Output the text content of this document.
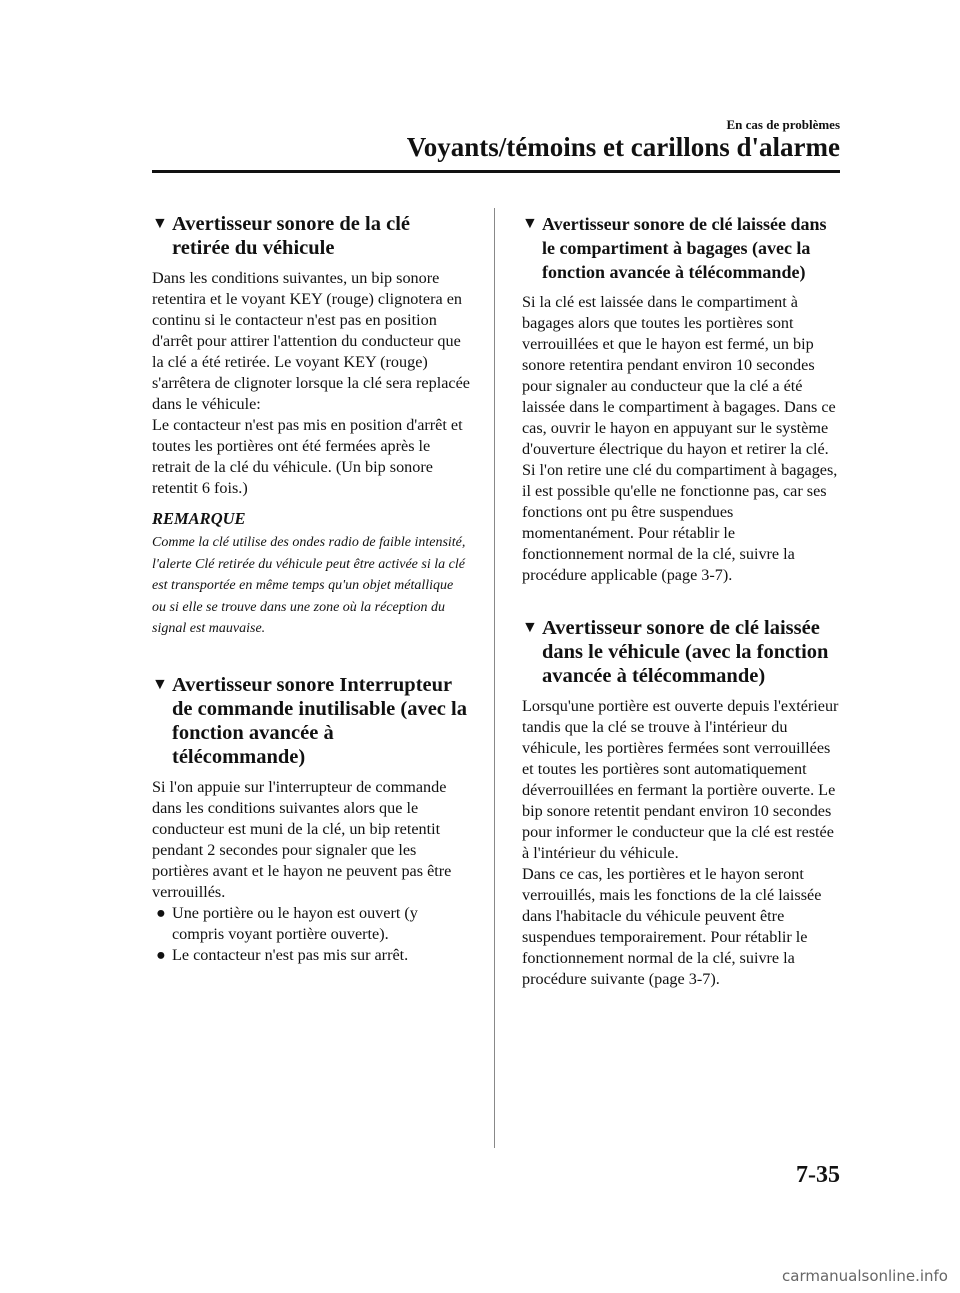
En cas de problèmes

Voyants/témoins et carillons d'alarme
▼ Avertisseur sonore de la clé retirée du véhicule

Dans les conditions suivantes, un bip sonore retentira et le voyant KEY (rouge) clignotera en continu si le contacteur n'est pas en position d'arrêt pour attirer l'attention du conducteur que la clé a été retirée. Le voyant KEY (rouge) s'arrêtera de clignoter lorsque la clé sera replacée dans le véhicule:

Le contacteur n'est pas mis en position d'arrêt et toutes les portières ont été fermées après le retrait de la clé du véhicule. (Un bip sonore retentit 6 fois.)

REMARQUE

Comme la clé utilise des ondes radio de faible intensité, l'alerte Clé retirée du véhicule peut être activée si la clé est transportée en même temps qu'un objet métallique ou si elle se trouve dans une zone où la réception du signal est mauvaise.

▼ Avertisseur sonore Interrupteur de commande inutilisable (avec la fonction avancée à télécommande)

Si l'on appuie sur l'interrupteur de commande dans les conditions suivantes alors que le conducteur est muni de la clé, un bip retentit pendant 2 secondes pour signaler que les portières avant et le hayon ne peuvent pas être verrouillés.

● Une portière ou le hayon est ouvert (y compris voyant portière ouverte).
● Le contacteur n'est pas mis sur arrêt.
▼ Avertisseur sonore de clé laissée dans le compartiment à bagages (avec la fonction avancée à télécommande)

Si la clé est laissée dans le compartiment à bagages alors que toutes les portières sont verrouillées et que le hayon est fermé, un bip sonore retentira pendant environ 10 secondes pour signaler au conducteur que la clé a été laissée dans le compartiment à bagages. Dans ce cas, ouvrir le hayon en appuyant sur le système d'ouverture électrique du hayon et retirer la clé. Si l'on retire une clé du compartiment à bagages, il est possible qu'elle ne fonctionne pas, car ses fonctions ont pu être suspendues momentanément. Pour rétablir le fonctionnement normal de la clé, suivre la procédure applicable (page 3-7).

▼ Avertisseur sonore de clé laissée dans le véhicule (avec la fonction avancée à télécommande)

Lorsqu'une portière est ouverte depuis l'extérieur tandis que la clé se trouve à l'intérieur du véhicule, les portières fermées sont verrouillées et toutes les portières sont automatiquement déverrouillées en fermant la portière ouverte. Le bip sonore retentit pendant environ 10 secondes pour informer le conducteur que la clé est restée à l'intérieur du véhicule.

Dans ce cas, les portières et le hayon seront verrouillés, mais les fonctions de la clé laissée dans l'habitacle du véhicule peuvent être suspendues temporairement. Pour rétablir le fonctionnement normal de la clé, suivre la procédure suivante (page 3-7).

7-35

carmanualsonline.info
